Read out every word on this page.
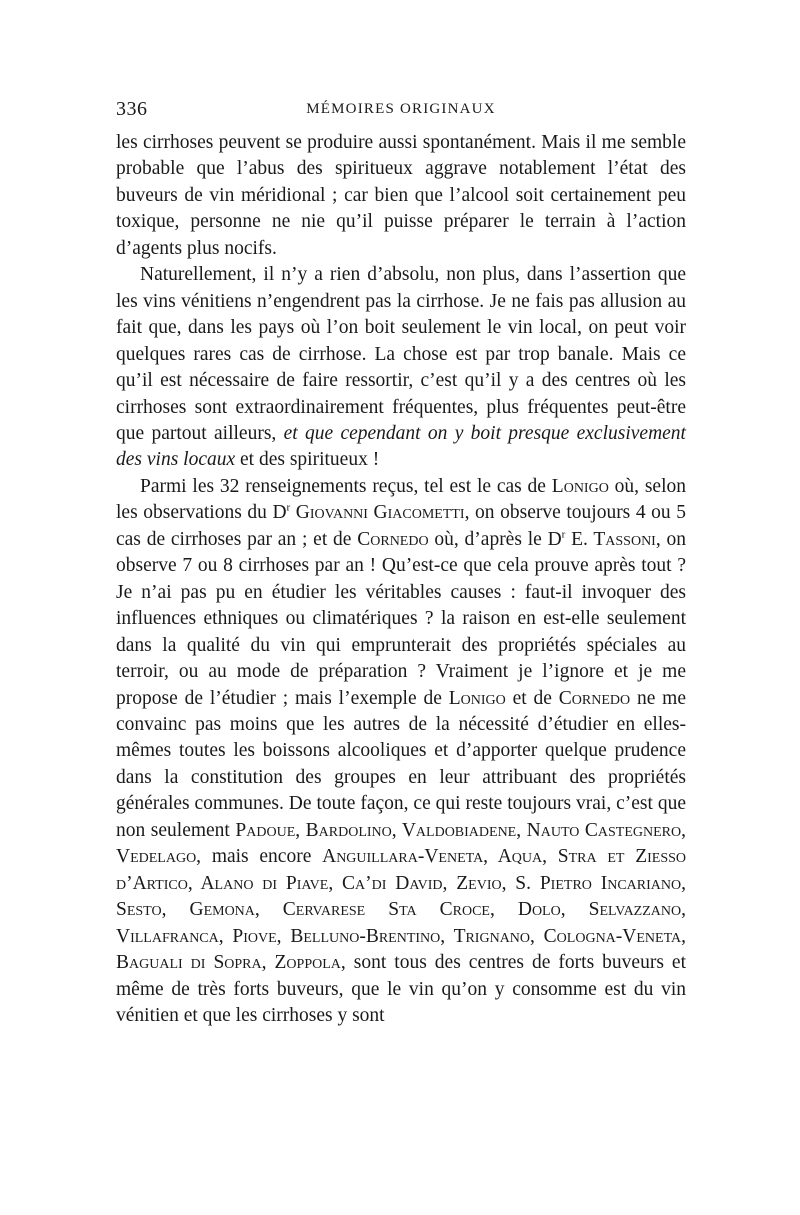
336	MÉMOIRES ORIGINAUX

les cirrhoses peuvent se produire aussi spontanément. Mais il me semble probable que l’abus des spiritueux aggrave notablement l’état des buveurs de vin méridional ; car bien que l’alcool soit certainement peu toxique, personne ne nie qu’il puisse préparer le terrain à l’action d’agents plus nocifs.

Naturellement, il n’y a rien d’absolu, non plus, dans l’assertion que les vins vénitiens n’engendrent pas la cirrhose. Je ne fais pas allusion au fait que, dans les pays où l’on boit seulement le vin local, on peut voir quelques rares cas de cirrhose. La chose est par trop banale. Mais ce qu’il est nécessaire de faire ressortir, c’est qu’il y a des centres où les cirrhoses sont extraordinairement fréquentes, plus fréquentes peut-être que partout ailleurs, et que cependant on y boit presque exclusivement des vins locaux et des spiritueux !

Parmi les 32 renseignements reçus, tel est le cas de Lonigo où, selon les observations du $D^r$ Giovanni Giacometti, on observe toujours 4 ou 5 cas de cirrhoses par an ; et de Cornedo où, d’après le $D^r$ E. Tassoni, on observe 7 ou 8 cirrhoses par an ! Qu’est-ce que cela prouve après tout ? Je n’ai pas pu en étudier les véritables causes : faut-il invoquer des influences ethniques ou climatériques ? la raison en est-elle seulement dans la qualité du vin qui emprunterait des propriétés spéciales au terroir, ou au mode de préparation ? Vraiment je l’ignore et je me propose de l’étudier ; mais l’exemple de Lonigo et de Cornedo ne me convainc pas moins que les autres de la nécessité d’étudier en elles-mêmes toutes les boissons alcooliques et d’apporter quelque prudence dans la constitution des groupes en leur attribuant des propriétés générales communes. De toute façon, ce qui reste toujours vrai, c’est que non seulement Padoue, Bardolino, Valdobiadene, Nauto Castegnero, Vedelago, mais encore Anguillara-Veneta, Aqua, Stra et Ziesso d’Artico, Alano di Piave, Ca’di David, Zevio, S. Pietro Incariano, Sesto, Gemona, Cervarese Sta Croce, Dolo, Selvazzano, Villafranca, Piove, Belluno-Brentino, Trignano, Cologna-Veneta, Baguali di Sopra, Zoppola, sont tous des centres de forts buveurs et même de très forts buveurs, que le vin qu’on y consomme est du vin vénitien et que les cirrhoses y sont
